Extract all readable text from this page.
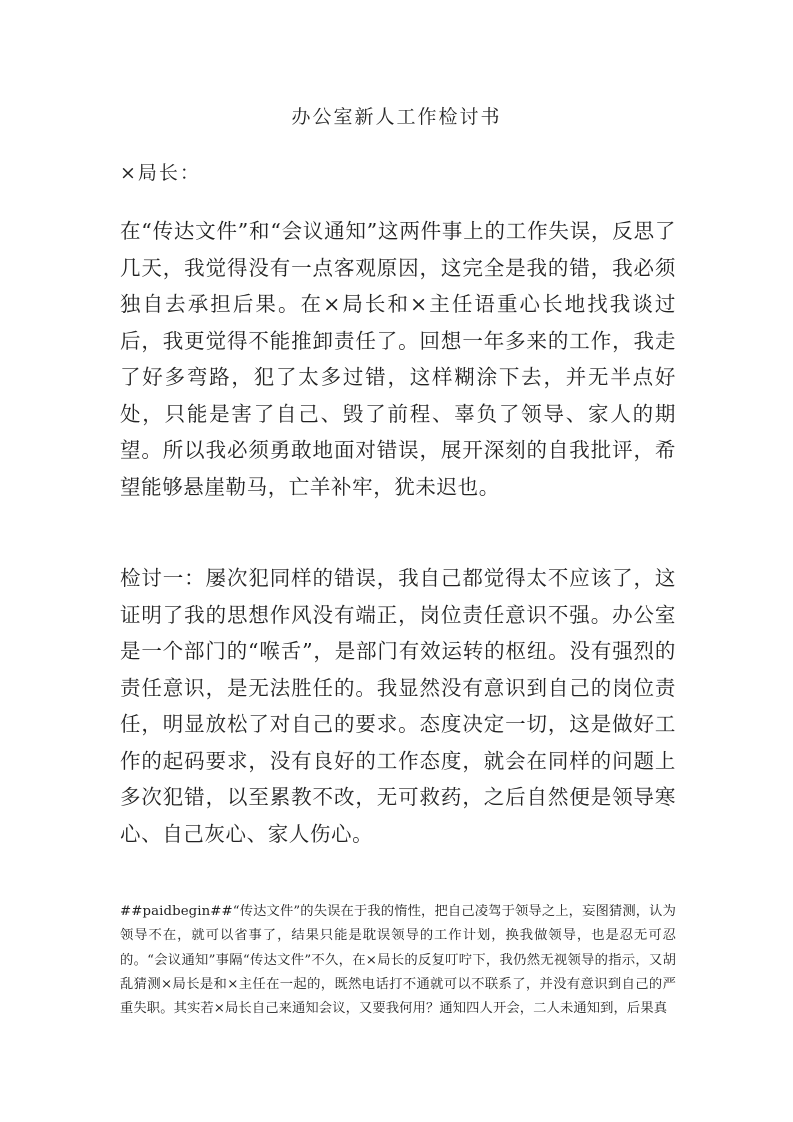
办公室新人工作检讨书
×局长：

在“传达文件”和“会议通知”这两件事上的工作失误，反思了几天，我觉得没有一点客观原因，这完全是我的错，我必须独自去承担后果。在×局长和×主任语重心长地找我谈过后，我更觉得不能推卸责任了。回想一年多来的工作，我走了好多弯路，犯了太多过错，这样糊涂下去，并无半点好处，只能是害了自己、毁了前程、辜负了领导、家人的期望。所以我必须勇敢地面对错误，展开深刻的自我批评，希望能够悬崖勒马，亡羊补牢，犹未迟也。

检讨一：屡次犯同样的错误，我自己都觉得太不应该了，这证明了我的思想作风没有端正，岗位责任意识不强。办公室是一个部门的“喉舌”，是部门有效运转的枢纽。没有强烈的责任意识，是无法胜任的。我显然没有意识到自己的岗位责任，明显放松了对自己的要求。态度决定一切，这是做好工作的起码要求，没有良好的工作态度，就会在同样的问题上多次犯错，以至累教不改，无可救药，之后自然便是领导寒心、自己灰心、家人伤心。

##paidbegin##“传达文件”的失误在于我的惰性，把自己凌驾于领导之上，妄图猜测，认为领导不在，就可以省事了，结果只能是耽误领导的工作计划，换我做领导，也是忍无可忍的。“会议通知”事隔“传达文件”不久，在×局长的反复叮咛下，我仍然无视领导的指示，又胡乱猜测×局长是和×主任在一起的，既然电话打不通就可以不联系了，并没有意识到自己的严重失职。其实若×局长自己来通知会议，又要我何用？通知四人开会，二人未通知到，后果真
